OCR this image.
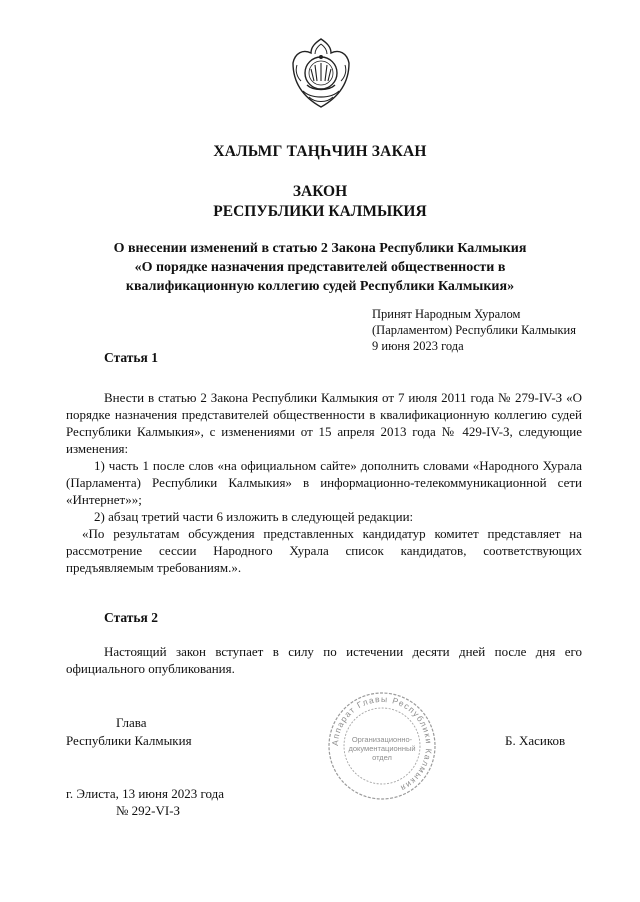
ХАЛЬМГ ТАҢҺЧИН ЗАКАН

ЗАКОН
РЕСПУБЛИКИ КАЛМЫКИЯ
О внесении изменений в статью 2 Закона Республики Калмыкия
«О порядке назначения представителей общественности в
квалификационную коллегию судей Республики Калмыкия»
Принят Народным Хуралом
(Парламентом) Республики Калмыкия
9 июня 2023 года
Статья 1
Внести в статью 2 Закона Республики Калмыкия от 7 июля 2011 года № 279-IV-З «О порядке назначения представителей общественности в квалификационную коллегию судей Республики Калмыкия», с изменениями от 15 апреля 2013 года № 429-IV-З, следующие изменения:
1) часть 1 после слов «на официальном сайте» дополнить словами «Народного Хурала (Парламента) Республики Калмыкия» в информационно-телекоммуникационной сети «Интернет»»;
2) абзац третий части 6 изложить в следующей редакции:
«По результатам обсуждения представленных кандидатур комитет представляет на рассмотрение сессии Народного Хурала список кандидатов, соответствующих предъявляемым требованиям.».
Статья 2
Настоящий закон вступает в силу по истечении десяти дней после дня его официального опубликования.
Глава
Республики Калмыкия	Б. Хасиков
г. Элиста, 13 июня 2023 года
№ 292-VI-З
Аппарат Главы Республики Калмыкия
Организационно-
документационный
отдел
